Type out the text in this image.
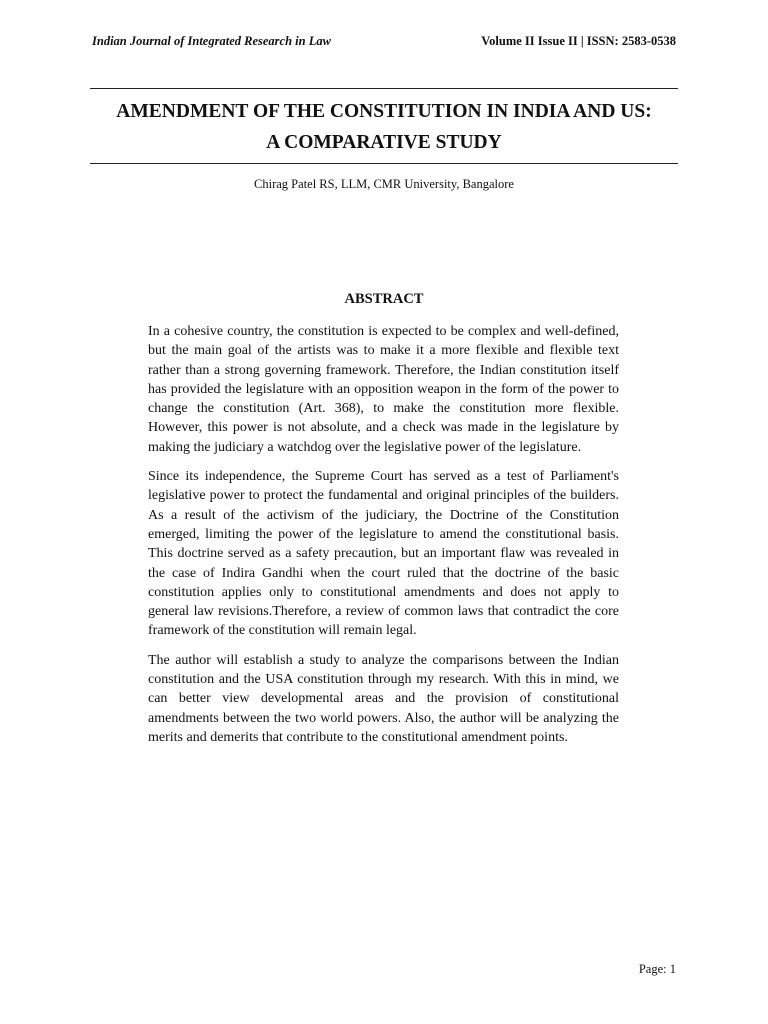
Indian Journal of Integrated Research in Law	Volume II Issue II | ISSN: 2583-0538
AMENDMENT OF THE CONSTITUTION IN INDIA AND US:
A COMPARATIVE STUDY
Chirag Patel RS, LLM, CMR University, Bangalore
ABSTRACT

In a cohesive country, the constitution is expected to be complex and well-defined, but the main goal of the artists was to make it a more flexible and flexible text rather than a strong governing framework. Therefore, the Indian constitution itself has provided the legislature with an opposition weapon in the form of the power to change the constitution (Art. 368), to make the constitution more flexible. However, this power is not absolute, and a check was made in the legislature by making the judiciary a watchdog over the legislative power of the legislature.

Since its independence, the Supreme Court has served as a test of Parliament's legislative power to protect the fundamental and original principles of the builders. As a result of the activism of the judiciary, the Doctrine of the Constitution emerged, limiting the power of the legislature to amend the constitutional basis. This doctrine served as a safety precaution, but an important flaw was revealed in the case of Indira Gandhi when the court ruled that the doctrine of the basic constitution applies only to constitutional amendments and does not apply to general law revisions.Therefore, a review of common laws that contradict the core framework of the constitution will remain legal.

The author will establish a study to analyze the comparisons between the Indian constitution and the USA constitution through my research. With this in mind, we can better view developmental areas and the provision of constitutional amendments between the two world powers. Also, the author will be analyzing the merits and demerits that contribute to the constitutional amendment points.

Page: 1
